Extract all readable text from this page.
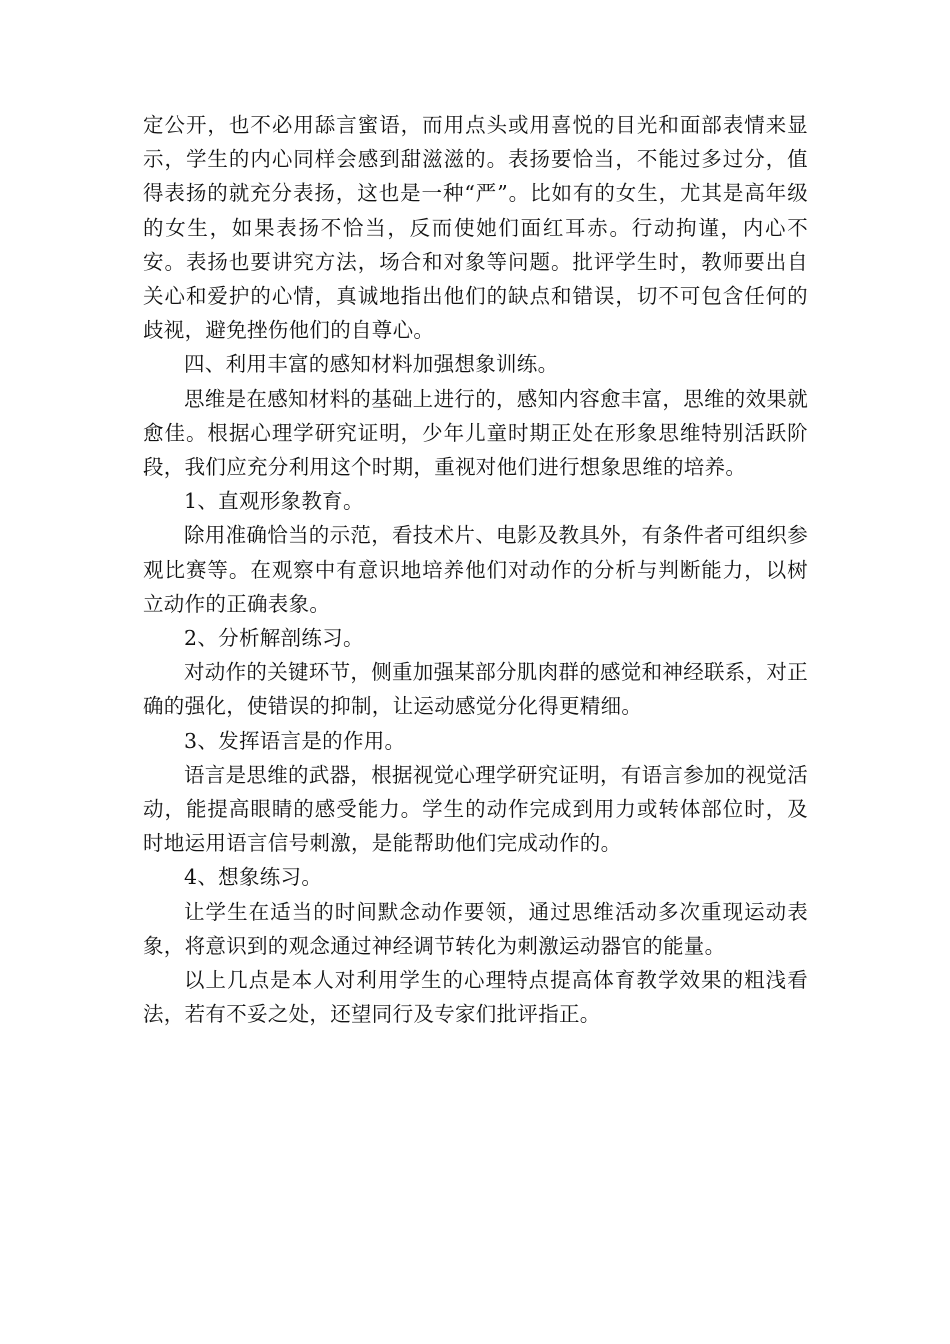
定公开，也不必用舔言蜜语，而用点头或用喜悦的目光和面部表情来显示，学生的内心同样会感到甜滋滋的。表扬要恰当，不能过多过分，值得表扬的就充分表扬，这也是一种“严”。比如有的女生，尤其是高年级的女生，如果表扬不恰当，反而使她们面红耳赤。行动拘谨，内心不安。表扬也要讲究方法，场合和对象等问题。批评学生时，教师要出自关心和爱护的心情，真诚地指出他们的缺点和错误，切不可包含任何的歧视，避免挫伤他们的自尊心。

四、利用丰富的感知材料加强想象训练。

思维是在感知材料的基础上进行的，感知内容愈丰富，思维的效果就愈佳。根据心理学研究证明，少年儿童时期正处在形象思维特别活跃阶段，我们应充分利用这个时期，重视对他们进行想象思维的培养。

1、直观形象教育。

除用准确恰当的示范，看技术片、电影及教具外，有条件者可组织参观比赛等。在观察中有意识地培养他们对动作的分析与判断能力，以树立动作的正确表象。

2、分析解剖练习。

对动作的关键环节，侧重加强某部分肌肉群的感觉和神经联系，对正确的强化，使错误的抑制，让运动感觉分化得更精细。

3、发挥语言是的作用。

语言是思维的武器，根据视觉心理学研究证明，有语言参加的视觉活动，能提高眼睛的感受能力。学生的动作完成到用力或转体部位时，及时地运用语言信号刺激，是能帮助他们完成动作的。

4、想象练习。

让学生在适当的时间默念动作要领，通过思维活动多次重现运动表象，将意识到的观念通过神经调节转化为刺激运动器官的能量。

以上几点是本人对利用学生的心理特点提高体育教学效果的粗浅看法，若有不妥之处，还望同行及专家们批评指正。
